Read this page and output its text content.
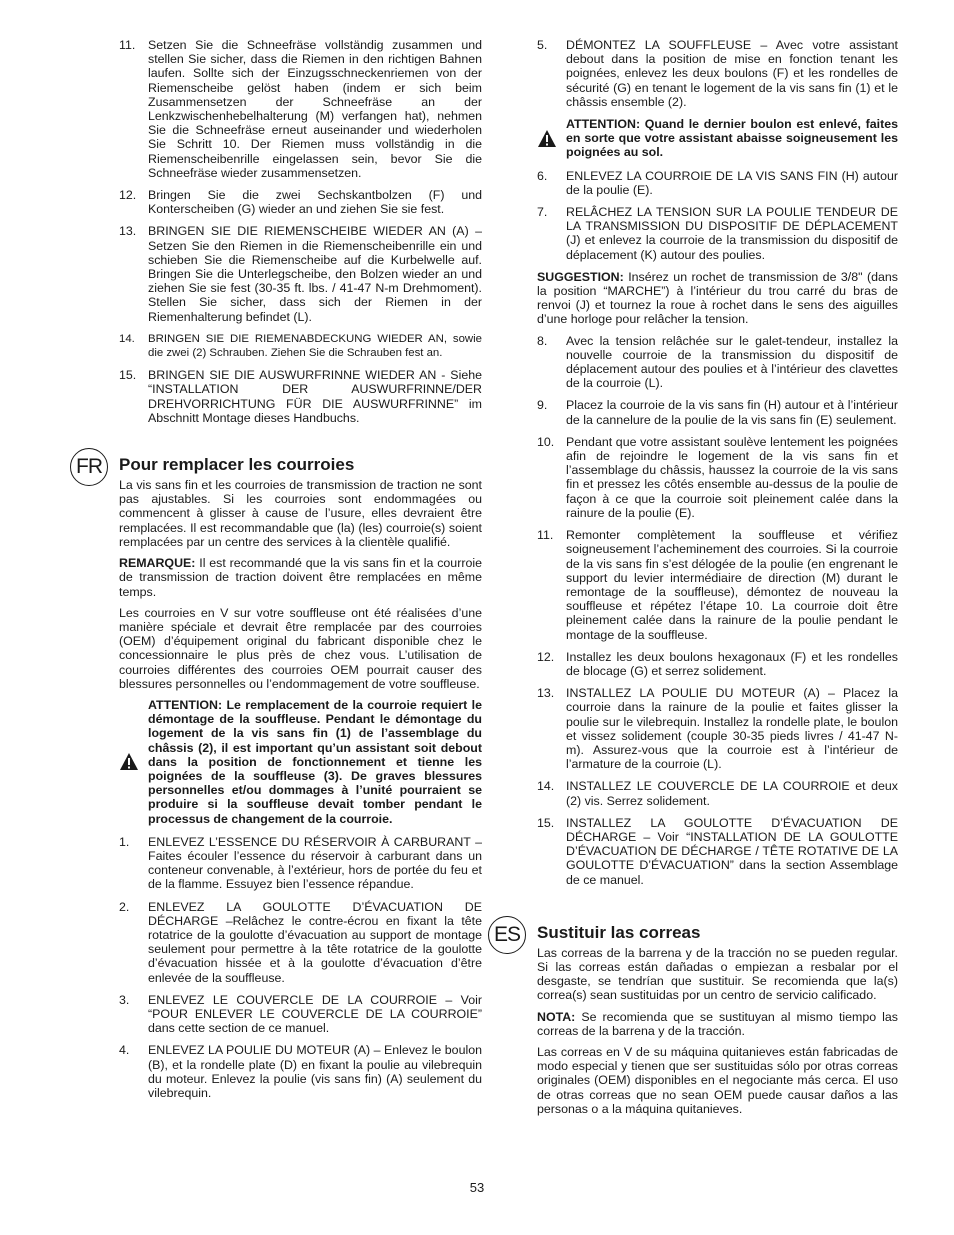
11.	Setzen Sie die Schneefräse vollständig zusammen und stellen Sie sicher, dass die Riemen in den richtigen Bahnen laufen. Sollte sich der Einzugsschneckenriemen von der Riemenscheibe gelöst haben (indem er sich beim Zusammensetzen der Schneefräse an der Lenkzwischenhebelhalterung (M) verfangen hat), nehmen Sie die Schneefräse erneut auseinander und wiederholen Sie Schritt 10. Der Riemen muss vollständig in die Riemenscheibenrille eingelassen sein, bevor Sie die Schneefräse wieder zusammensetzen.
12. Bringen Sie die zwei Sechskantbolzen (F) und Konterscheiben (G) wieder an und ziehen Sie sie fest.
13. BRINGEN SIE DIE RIEMENSCHEIBE WIEDER AN (A) – Setzen Sie den Riemen in die Riemenscheibenrille ein und schieben Sie die Riemenscheibe auf die Kurbelwelle auf. Bringen Sie die Unterlegscheibe, den Bolzen wieder an und ziehen Sie sie fest (30-35 ft. lbs. / 41-47 N-m Drehmoment). Stellen Sie sicher, dass sich der Riemen in der Riemenhalterung befindet (L).
14.	BRINGEN SIE DIE RIEMENABDECKUNG WIEDER AN, sowie die zwei (2) Schrauben. Ziehen Sie die Schrauben fest an.
15. BRINGEN SIE DIE AUSWURFRINNE WIEDER AN - Siehe “INSTALLATION DER AUSWURFRINNE/DER DREHVORRICHTUNG FÜR DIE AUSWURFRINNE” im Abschnitt Montage dieses Handbuchs.
FR	Pour remplacer les courroies

La vis sans fin et les courroies de transmission de traction ne sont pas ajustables. Si les courroies sont endommagées ou commencent à glisser à cause de l’usure, elles devraient être remplacées. Il est recommandable que (la) (les) courroie(s) soient remplacées par un centre des services à la clientèle qualifié.

REMARQUE: Il est recommandé que la vis sans fin et la courroie de transmission de traction doivent être remplacées en même temps.

Les courroies en V sur votre souffleuse ont été réalisées d’une manière spéciale et devrait être remplacée par des courroies (OEM) d’équipement original du fabricant disponible chez le concessionnaire le plus près de chez vous. L’utilisation de courroies différentes des courroies OEM pourrait causer des blessures personnelles ou l’endommagement de votre souffleuse.

ATTENTION: Le remplacement de la courroie requiert le démontage de la souffleuse. Pendant le démontage du logement de la vis sans fin (1) de l’assemblage du châssis (2), il est important qu’un assistant soit debout dans la position de fonctionnement et tienne les poignées de la souffleuse (3). De graves blessures personnelles et/ou dommages à l’unité pourraient se produire si la souffleuse devait tomber pendant le processus de changement de la courroie.
1.	ENLEVEZ L’ESSENCE DU RÉSERVOIR À CARBURANT – Faites écouler l’essence du réservoir à carburant dans un conteneur convenable, à l’extérieur, hors de portée du feu et de la flamme. Essuyez bien l’essence répandue.
2.	ENLEVEZ LA GOULOTTE D’ÉVACUATION DE DÉCHARGE –Relâchez le contre-écrou en fixant la tête rotatrice de la goulotte d’évacuation au support de montage seulement pour permettre à la tête rotatrice de la goulotte d’évacuation hissée et à la goulotte d’évacuation d’être enlevée de la souffleuse.
3.	ENLEVEZ LE COUVERCLE DE LA COURROIE – Voir “POUR ENLEVER LE COUVERCLE DE LA COURROIE” dans cette section de ce manuel.
4.	ENLEVEZ LA POULIE DU MOTEUR (A) – Enlevez le boulon (B), et la rondelle plate (D) en fixant la poulie au vilebrequin du moteur. Enlevez la poulie (vis sans fin) (A) seulement du vilebrequin.
5.	DÉMONTEZ LA SOUFFLEUSE – Avec votre assistant debout dans la position de mise en fonction tenant les poignées, enlevez les deux boulons (F) et les rondelles de sécurité (G) en tenant le logement de la vis sans fin (1) et le châssis ensemble (2).
ATTENTION: Quand le dernier boulon est enlevé, faites en sorte que votre assistant abaisse soigneusement les poignées au sol.
6.	ENLEVEZ LA COURROIE DE LA VIS SANS FIN (H) autour de la poulie (E).
7.	RELÂCHEZ LA TENSION SUR LA POULIE TENDEUR DE LA TRANSMISSION DU DISPOSITIF DE DÉPLACEMENT (J) et enlevez la courroie de la transmission du dispositif de déplacement (K) autour des poulies.

SUGGESTION: Insérez un rochet de transmission de 3/8" (dans la position “MARCHE”) à l’intérieur du trou carré du bras de renvoi (J) et tournez la roue à rochet dans le sens des aiguilles d’une horloge pour relâcher la tension.

8.	Avec la tension relâchée sur le galet-tendeur, installez la nouvelle courroie de la transmission du dispositif de déplacement autour des poulies et à l’intérieur des clavettes de la courroie (L).
9.	Placez la courroie de la vis sans fin (H) autour et à l’intérieur de la cannelure de la poulie de la vis sans fin (E) seulement.
10. Pendant que votre assistant soulève lentement les poignées afin de rejoindre le logement de la vis sans fin et l’assemblage du châssis, haussez la courroie de la vis sans fin et pressez les côtés ensemble au-dessus de la poulie de façon à ce que la courroie soit pleinement calée dans la rainure de la poulie (E).
11.	Remonter complètement la souffleuse et vérifiez soigneusement l’acheminement des courroies. Si la courroie de la vis sans fin s’est délogée de la poulie (en engrenant le support du levier intermédiaire de direction (M) durant le remontage de la souffleuse), démontez de nouveau la souffleuse et répétez l’étape 10. La courroie doit être pleinement calée dans la rainure de la poulie pendant le montage de la souffleuse.
12. Installez les deux boulons hexagonaux (F) et les rondelles de blocage (G) et serrez solidement.
13. INSTALLEZ LA POULIE DU MOTEUR (A) – Placez la courroie dans la rainure de la poulie et faites glisser la poulie sur le vilebrequin. Installez la rondelle plate, le boulon et vissez solidement (couple 30-35 pieds livres / 41-47 N-m). Assurez-vous que la courroie est à l’intérieur de l’armature de la courroie (L).
14. INSTALLEZ LE COUVERCLE DE LA COURROIE et deux (2) vis. Serrez solidement.
15. INSTALLEZ LA GOULOTTE D’ÉVACUATION DE DÉCHARGE – Voir “INSTALLATION DE LA GOULOTTE D’ÉVACUATION DE DÉCHARGE / TÊTE ROTATIVE DE LA GOULOTTE D’ÉVACUATION” dans la section Assemblage de ce manuel.
ES	Sustituir las correas

Las correas de la barrena y de la tracción no se pueden regular. Si las correas están dañadas o empiezan a resbalar por el desgaste, se tendrían que sustituir. Se recomienda que la(s) correa(s) sean sustituidas por un centro de servicio calificado.

NOTA: Se recomienda que se sustituyan al mismo tiempo las correas de la barrena y de la tracción.

Las correas en V de su máquina quitanieves están fabricadas de modo especial y tienen que ser sustituidas sólo por otras correas originales (OEM) disponibles en el negociante más cerca. El uso de otras correas que no sean OEM puede causar daños a las personas o a la máquina quitanieves.

53
